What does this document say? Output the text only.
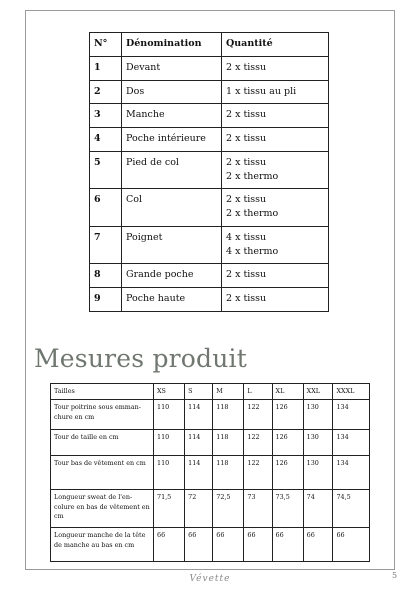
N°	Dénomination	Quantité
1	Devant	2 x tissu

2	Dos	1 x tissu au pli

3	Manche	2 x tissu

4	Poche intérieure	2 x tissu

5	Pied de col	2 x tissu
2 x thermo

6	Col	2 x tissu
2 x thermo

7	Poignet	4 x tissu
4 x thermo

8	Grande poche	2 x tissu

9	Poche haute	2 x tissu
Mesures produit
Tailles	XS	S	M	L	XL	XXL	XXXL
Tour poitrine sous emman-chure en cm	110	114	118	122	126	130	134
Tour de taille en cm	110	114	118	122	126	130	134
Tour bas de vêtement en cm	110	114	118	122	126	130	134
Longueur sweat de l'en-colure en bas de vêtement en cm	71,5	72	72,5	73	73,5	74	74,5
Longueur manche de la tête de manche au bas en cm	66	66	66	66	66	66	66
Vévette	5
